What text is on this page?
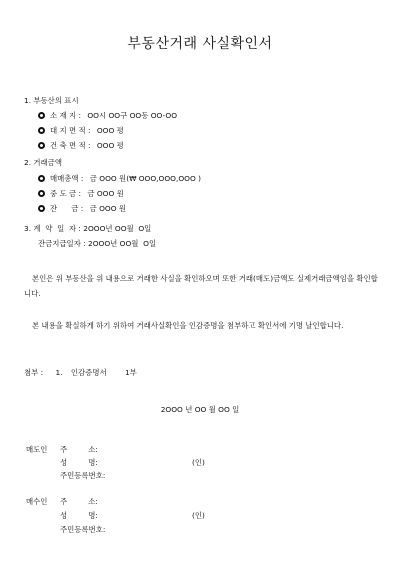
부동산거래 사실확인서
1. 부동산의 표시
소 재 지 : OO시 OO구 OO동 OO-OO
대 지 면 적 : OOO 평
건 축 면 적 : OOO 평
2. 거래금액
매매총액 : 금 OOO 원(₩ OOO,OOO,OOO )
중 도 금 : 금 OOO 원
잔      금 : 금 OOO 원
3. 계  약  일  자 : 2OOO년 OO월  O일
잔금지급일자 : 2OOO년 OO월  O일
본인은 위 부동산을 위 내용으로 거래한 사실을 확인하오며 또한 거래(매도)금액도 실제거래금액임을 확인합니다.
본 내용을 확실하게 하기 위하여 거래사실확인을 인감증명을 첨부하고 확인서에 기명 날인합니다.
첨부 : 1. 인감증명서 1부
2OOO 년 OO 월 OO 일
매도인 주         소:
성         명:	(인)
주민등록번호:
매수인 주         소:
성         명:	(인)
주민등록번호:
